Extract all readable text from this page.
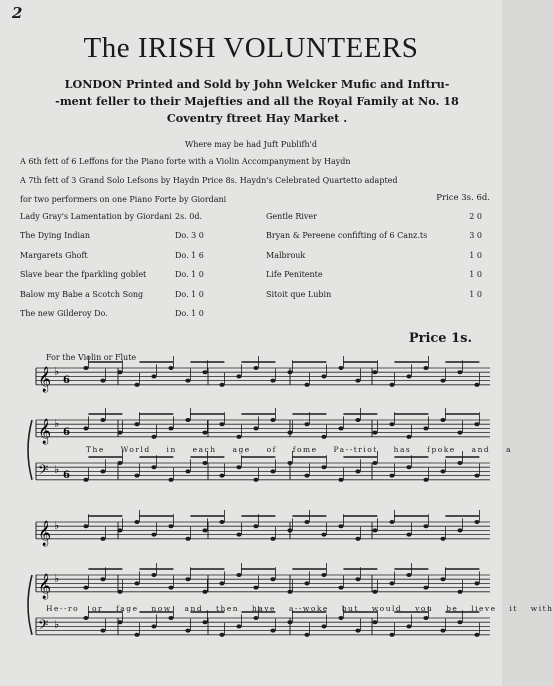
2
The IRISH VOLUNTEERS
LONDON Printed and Sold by John Welcker Mufic and Inftru-
-ment feller to their Majefties and all the Royal Family at No. 18
Coventry ftreet Hay Market .
Where may be had Juft Publifh'd
A 6th fett of 6 Leffons for the Piano forte with a Violin Accompanyment by Haydn
A 7th fett of 3 Grand Solo Lefsons by Haydn Price 8s. Haydn's Celebrated Quartetto adapted
for two performers on one Piano Forte by Giordani	Price 3s. 6d.
Lady Gray's Lamentation by Giordani 2s. 0d.
The Dying Indian	Do. 3 0
Margarets Ghoft	Do. 1 6
Slave bear the fparkling goblet	Do. 1 0
Balow my Babe a Scotch Song	Do. 1 0
The new Gilderoy Do.	Do. 1 0
Gentle River	2 0
Bryan & Pereene confifting of 6 Canz.ts	3 0
Malbrouk	1 0
Life Penitente	1 0
Sitoit que Lubin	1 0
Price 1s.
For the Violin or Flute
𝄞 ♭
6​
𝄞 ♭
6​
𝄢 ♭ 6​
𝄞 ♭
𝄞 ♭
𝄢 ♭
The World in each age of fome Pa--triot has fpoke and a
He--ro or fage now and then have a--woke but would you be lieve it with
